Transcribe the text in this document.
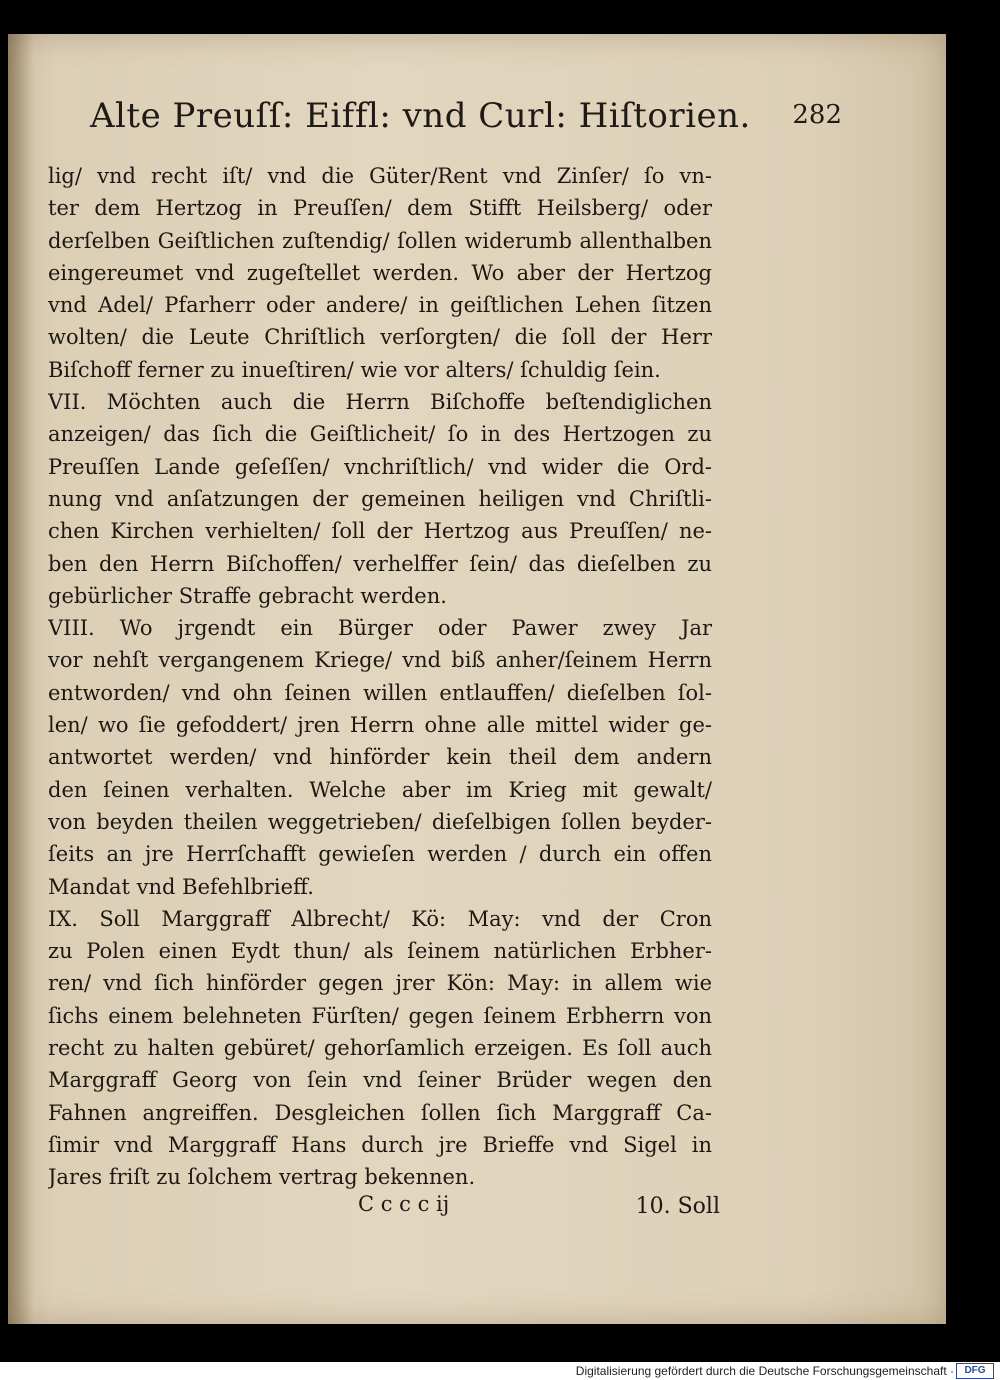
Alte Preuſſ: Eiffl: vnd Curl: Hiſtorien. 282
lig/ vnd recht iſt/ vnd die Güter/Rent vnd Zinſer/ ſo vn-
ter dem Hertzog in Preuſſen/ dem Stifft Heilsberg/ oder
derſelben Geiſtlichen zuſtendig/ ſollen widerumb allenthalben
eingereumet vnd zugeſtellet werden. Wo aber der Hertzog
vnd Adel/ Pfarherr oder andere/ in geiſtlichen Lehen ſitzen
wolten/ die Leute Chriſtlich verſorgten/ die ſoll der Herr
Biſchoff ferner zu inueſtiren/ wie vor alters/ ſchuldig ſein.
VII. Möchten auch die Herrn Biſchoffe beſtendiglichen
anzeigen/ das ſich die Geiſtlicheit/ ſo in des Hertzogen zu
Preuſſen Lande geſeſſen/ vnchriſtlich/ vnd wider die Ord-
nung vnd anſatzungen der gemeinen heiligen vnd Chriſtli-
chen Kirchen verhielten/ ſoll der Hertzog aus Preuſſen/ ne-
ben den Herrn Biſchoffen/ verhelffer ſein/ das dieſelben zu
gebürlicher Straffe gebracht werden.
VIII. Wo jrgendt ein Bürger oder Pawer zwey Jar
vor nehſt vergangenem Kriege/ vnd biß anher/ſeinem Herrn
entworden/ vnd ohn ſeinen willen entlauffen/ dieſelben ſol-
len/ wo ſie gefoddert/ jren Herrn ohne alle mittel wider ge-
antwortet werden/ vnd hinförder kein theil dem andern
den ſeinen verhalten. Welche aber im Krieg mit gewalt/
von beyden theilen weggetrieben/ dieſelbigen ſollen beyder-
ſeits an jre Herrſchafft gewieſen werden / durch ein offen
Mandat vnd Befehlbrieff.
IX. Soll Marggraff Albrecht/ Kö: May: vnd der Cron
zu Polen einen Eydt thun/ als ſeinem natürlichen Erbher-
ren/ vnd ſich hinförder gegen jrer Kön: May: in allem wie
ſichs einem belehneten Fürſten/ gegen ſeinem Erbherrn von
recht zu halten gebüret/ gehorſamlich erzeigen. Es ſoll auch
Marggraff Georg von ſein vnd ſeiner Brüder wegen den
Fahnen angreiffen. Desgleichen ſollen ſich Marggraff Ca-
ſimir vnd Marggraff Hans durch jre Brieffe vnd Sigel in
Jares friſt zu ſolchem vertrag bekennen.
C c c c ij	10. Soll
Digitalisierung gefördert durch die Deutsche Forschungsgemeinschaft ·	DFG
